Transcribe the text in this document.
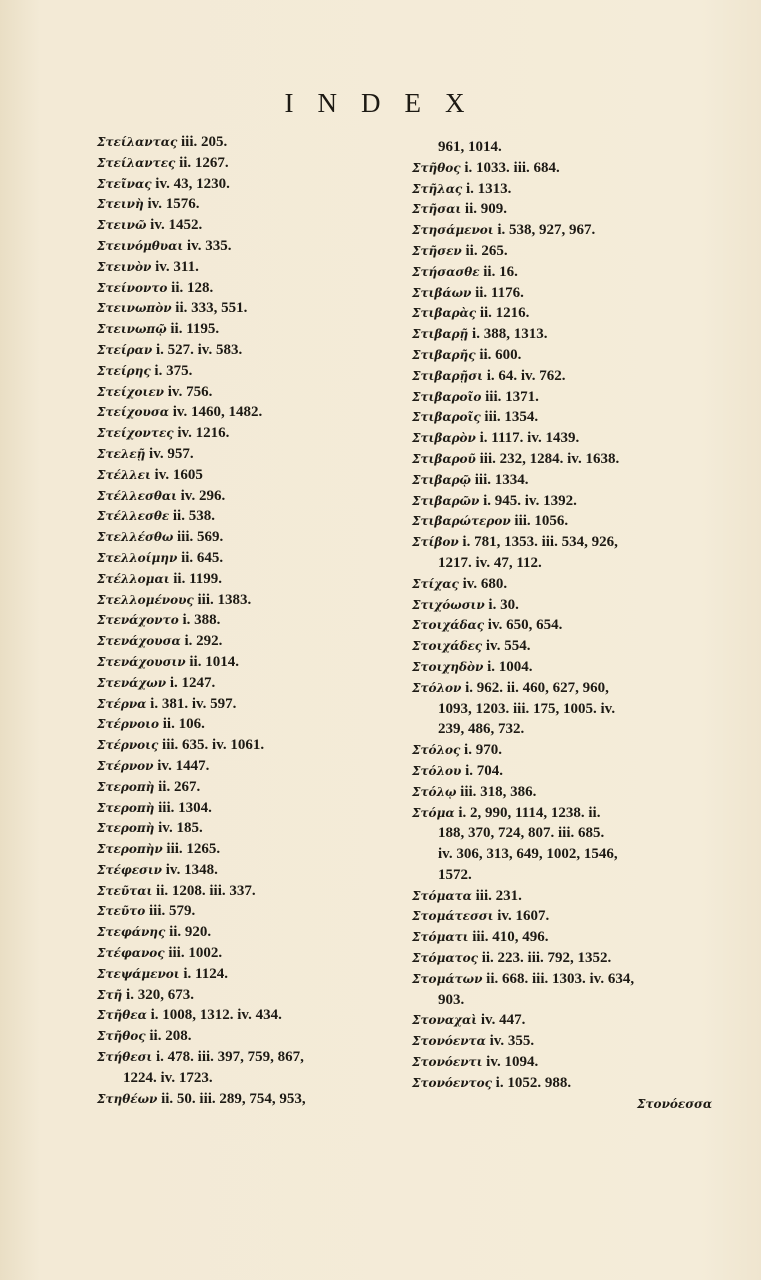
INDEX
Στείλαντας iii. 205.
Στείλαντες ii. 1267.
Στεῖνας iv. 43, 1230.
Στεινὴ iv. 1576.
Στεινῶ iv. 1452.
Στεινόμθυαι iv. 335.
Στεινὸν iv. 311.
Στείνοντο ii. 128.
Στεινωπὸν ii. 333, 551.
Στεινωπῷ ii. 1195.
Στείραν i. 527. iv. 583.
Στείρης i. 375.
Στείχοιεν iv. 756.
Στείχουσα iv. 1460, 1482.
Στείχοντες iv. 1216.
Στελεῇ iv. 957.
Στέλλει iv. 1605
Στέλλεσθαι iv. 296.
Στέλλεσθε ii. 538.
Στελλέσθω iii. 569.
Στελλοίμην ii. 645.
Στέλλομαι ii. 1199.
Στελλομένους iii. 1383.
Στενάχοντο i. 388.
Στενάχουσα i. 292.
Στενάχουσιν ii. 1014.
Στενάχων i. 1247.
Στέρνα i. 381. iv. 597.
Στέρνοιο ii. 106.
Στέρνοις iii. 635. iv. 1061.
Στέρνον iv. 1447.
Στεροπὴ ii. 267.
Στεροπὴ iii. 1304.
Στεροπὴ iv. 185.
Στεροπὴν iii. 1265.
Στέφεσιν iv. 1348.
Στεῦται ii. 1208. iii. 337.
Στεῦτο iii. 579.
Στεφάνης ii. 920.
Στέφανος iii. 1002.
Στεψάμενοι i. 1124.
Στῆ i. 320, 673.
Στῆθεα i. 1008, 1312. iv. 434.
Στῆθος ii. 208.
Στήθεσι i. 478. iii. 397, 759, 867,
1224. iv. 1723.
Στηθέων ii. 50. iii. 289, 754, 953,
961, 1014.
Στῆθος i. 1033. iii. 684.
Στῆλας i. 1313.
Στῆσαι ii. 909.
Στησάμενοι i. 538, 927, 967.
Στῆσεν ii. 265.
Στήσασθε ii. 16.
Στιβάων ii. 1176.
Στιβαρὰς ii. 1216.
Στιβαρῇ i. 388, 1313.
Στιβαρῆς ii. 600.
Στιβαρῇσι i. 64. iv. 762.
Στιβαροῖο iii. 1371.
Στιβαροῖς iii. 1354.
Στιβαρὸν i. 1117. iv. 1439.
Στιβαροῦ iii. 232, 1284. iv. 1638.
Στιβαρῷ iii. 1334.
Στιβαρῶν i. 945. iv. 1392.
Στιβαρώτερον iii. 1056.
Στίβον i. 781, 1353. iii. 534, 926,
1217. iv. 47, 112.
Στίχας iv. 680.
Στιχόωσιν i. 30.
Στοιχάδας iv. 650, 654.
Στοιχάδες iv. 554.
Στοιχηδὸν i. 1004.
Στόλον i. 962. ii. 460, 627, 960,
1093, 1203. iii. 175, 1005. iv.
239, 486, 732.
Στόλος i. 970.
Στόλου i. 704.
Στόλῳ iii. 318, 386.
Στόμα i. 2, 990, 1114, 1238. ii.
188, 370, 724, 807. iii. 685.
iv. 306, 313, 649, 1002, 1546,
1572.
Στόματα iii. 231.
Στομάτεσσι iv. 1607.
Στόματι iii. 410, 496.
Στόματος ii. 223. iii. 792, 1352.
Στομάτων ii. 668. iii. 1303. iv. 634,
903.
Στοναχαὶ iv. 447.
Στονόεντα iv. 355.
Στονόεντι iv. 1094.
Στονόεντος i. 1052. 988.
Στονόεσσα
